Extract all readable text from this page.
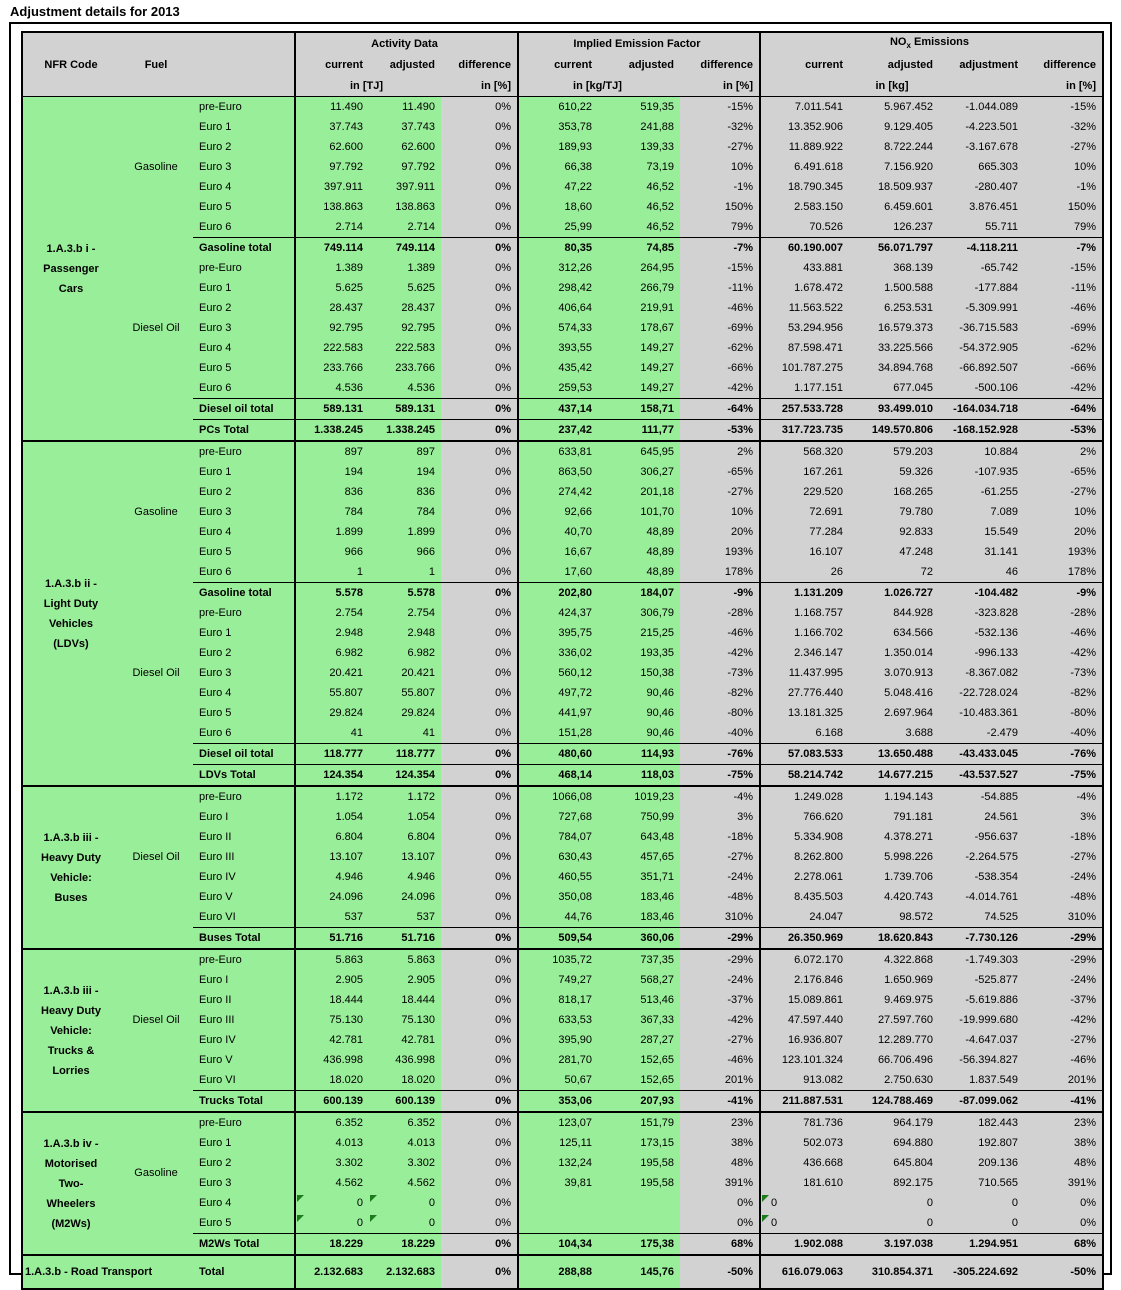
Adjustment details for 2013
			Activity Data			Implied Emission Factor			$NO_x$ Emissions			
NFR Code	Fuel		current	adjusted	difference	current	adjusted	difference	current	adjusted	adjustment	difference
			in [TJ]		in [%]	in [kg/TJ]		in [%]		in [kg]		in [%]
1.A.3.b i -
Passenger
Cars	Gasoline	pre-Euro	11.490	11.490	0%	610,22	519,35	-15%	7.011.541	5.967.452	-1.044.089	-15%
		Euro 1	37.743	37.743	0%	353,78	241,88	-32%	13.352.906	9.129.405	-4.223.501	-32%
		Euro 2	62.600	62.600	0%	189,93	139,33	-27%	11.889.922	8.722.244	-3.167.678	-27%
		Euro 3	97.792	97.792	0%	66,38	73,19	10%	6.491.618	7.156.920	665.303	10%
		Euro 4	397.911	397.911	0%	47,22	46,52	-1%	18.790.345	18.509.937	-280.407	-1%
		Euro 5	138.863	138.863	0%	18,60	46,52	150%	2.583.150	6.459.601	3.876.451	150%
		Euro 6	2.714	2.714	0%	25,99	46,52	79%	70.526	126.237	55.711	79%
		Gasoline total	749.114	749.114	0%	80,35	74,85	-7%	60.190.007	56.071.797	-4.118.211	-7%
	Diesel Oil	pre-Euro	1.389	1.389	0%	312,26	264,95	-15%	433.881	368.139	-65.742	-15%
		Euro 1	5.625	5.625	0%	298,42	266,79	-11%	1.678.472	1.500.588	-177.884	-11%
		Euro 2	28.437	28.437	0%	406,64	219,91	-46%	11.563.522	6.253.531	-5.309.991	-46%
		Euro 3	92.795	92.795	0%	574,33	178,67	-69%	53.294.956	16.579.373	-36.715.583	-69%
		Euro 4	222.583	222.583	0%	393,55	149,27	-62%	87.598.471	33.225.566	-54.372.905	-62%
		Euro 5	233.766	233.766	0%	435,42	149,27	-66%	101.787.275	34.894.768	-66.892.507	-66%
		Euro 6	4.536	4.536	0%	259,53	149,27	-42%	1.177.151	677.045	-500.106	-42%
		Diesel oil total	589.131	589.131	0%	437,14	158,71	-64%	257.533.728	93.499.010	-164.034.718	-64%
		PCs Total	1.338.245	1.338.245	0%	237,42	111,77	-53%	317.723.735	149.570.806	-168.152.928	-53%
1.A.3.b ii -
Light Duty
Vehicles
(LDVs)	Gasoline	pre-Euro	897	897	0%	633,81	645,95	2%	568.320	579.203	10.884	2%
		Euro 1	194	194	0%	863,50	306,27	-65%	167.261	59.326	-107.935	-65%
		Euro 2	836	836	0%	274,42	201,18	-27%	229.520	168.265	-61.255	-27%
		Euro 3	784	784	0%	92,66	101,70	10%	72.691	79.780	7.089	10%
		Euro 4	1.899	1.899	0%	40,70	48,89	20%	77.284	92.833	15.549	20%
		Euro 5	966	966	0%	16,67	48,89	193%	16.107	47.248	31.141	193%
		Euro 6	1	1	0%	17,60	48,89	178%	26	72	46	178%
		Gasoline total	5.578	5.578	0%	202,80	184,07	-9%	1.131.209	1.026.727	-104.482	-9%
	Diesel Oil	pre-Euro	2.754	2.754	0%	424,37	306,79	-28%	1.168.757	844.928	-323.828	-28%
		Euro 1	2.948	2.948	0%	395,75	215,25	-46%	1.166.702	634.566	-532.136	-46%
		Euro 2	6.982	6.982	0%	336,02	193,35	-42%	2.346.147	1.350.014	-996.133	-42%
		Euro 3	20.421	20.421	0%	560,12	150,38	-73%	11.437.995	3.070.913	-8.367.082	-73%
		Euro 4	55.807	55.807	0%	497,72	90,46	-82%	27.776.440	5.048.416	-22.728.024	-82%
		Euro 5	29.824	29.824	0%	441,97	90,46	-80%	13.181.325	2.697.964	-10.483.361	-80%
		Euro 6	41	41	0%	151,28	90,46	-40%	6.168	3.688	-2.479	-40%
		Diesel oil total	118.777	118.777	0%	480,60	114,93	-76%	57.083.533	13.650.488	-43.433.045	-76%
		LDVs Total	124.354	124.354	0%	468,14	118,03	-75%	58.214.742	14.677.215	-43.537.527	-75%
1.A.3.b iii -
Heavy Duty
Vehicle:
Buses	Diesel Oil	pre-Euro	1.172	1.172	0%	1066,08	1019,23	-4%	1.249.028	1.194.143	-54.885	-4%
		Euro I	1.054	1.054	0%	727,68	750,99	3%	766.620	791.181	24.561	3%
		Euro II	6.804	6.804	0%	784,07	643,48	-18%	5.334.908	4.378.271	-956.637	-18%
		Euro III	13.107	13.107	0%	630,43	457,65	-27%	8.262.800	5.998.226	-2.264.575	-27%
		Euro IV	4.946	4.946	0%	460,55	351,71	-24%	2.278.061	1.739.706	-538.354	-24%
		Euro V	24.096	24.096	0%	350,08	183,46	-48%	8.435.503	4.420.743	-4.014.761	-48%
		Euro VI	537	537	0%	44,76	183,46	310%	24.047	98.572	74.525	310%
		Buses Total	51.716	51.716	0%	509,54	360,06	-29%	26.350.969	18.620.843	-7.730.126	-29%
1.A.3.b iii -
Heavy Duty
Vehicle:
Trucks &
Lorries	Diesel Oil	pre-Euro	5.863	5.863	0%	1035,72	737,35	-29%	6.072.170	4.322.868	-1.749.303	-29%
		Euro I	2.905	2.905	0%	749,27	568,27	-24%	2.176.846	1.650.969	-525.877	-24%
		Euro II	18.444	18.444	0%	818,17	513,46	-37%	15.089.861	9.469.975	-5.619.886	-37%
		Euro III	75.130	75.130	0%	633,53	367,33	-42%	47.597.440	27.597.760	-19.999.680	-42%
		Euro IV	42.781	42.781	0%	395,90	287,27	-27%	16.936.807	12.289.770	-4.647.037	-27%
		Euro V	436.998	436.998	0%	281,70	152,65	-46%	123.101.324	66.706.496	-56.394.827	-46%
		Euro VI	18.020	18.020	0%	50,67	152,65	201%	913.082	2.750.630	1.837.549	201%
		Trucks Total	600.139	600.139	0%	353,06	207,93	-41%	211.887.531	124.788.469	-87.099.062	-41%
1.A.3.b iv -
Motorised
Two-
Wheelers
(M2Ws)	Gasoline	pre-Euro	6.352	6.352	0%	123,07	151,79	23%	781.736	964.179	182.443	23%
		Euro 1	4.013	4.013	0%	125,11	173,15	38%	502.073	694.880	192.807	38%
		Euro 2	3.302	3.302	0%	132,24	195,58	48%	436.668	645.804	209.136	48%
		Euro 3	4.562	4.562	0%	39,81	195,58	391%	181.610	892.175	710.565	391%
		Euro 4	0	0	0%			0%	0	0	0	0%
		Euro 5	0	0	0%			0%	0	0	0	0%
		M2Ws Total	18.229	18.229	0%	104,34	175,38	68%	1.902.088	3.197.038	1.294.951	68%
1.A.3.b - Road Transport		Total	2.132.683	2.132.683	0%	288,88	145,76	-50%	616.079.063	310.854.371	-305.224.692	-50%
